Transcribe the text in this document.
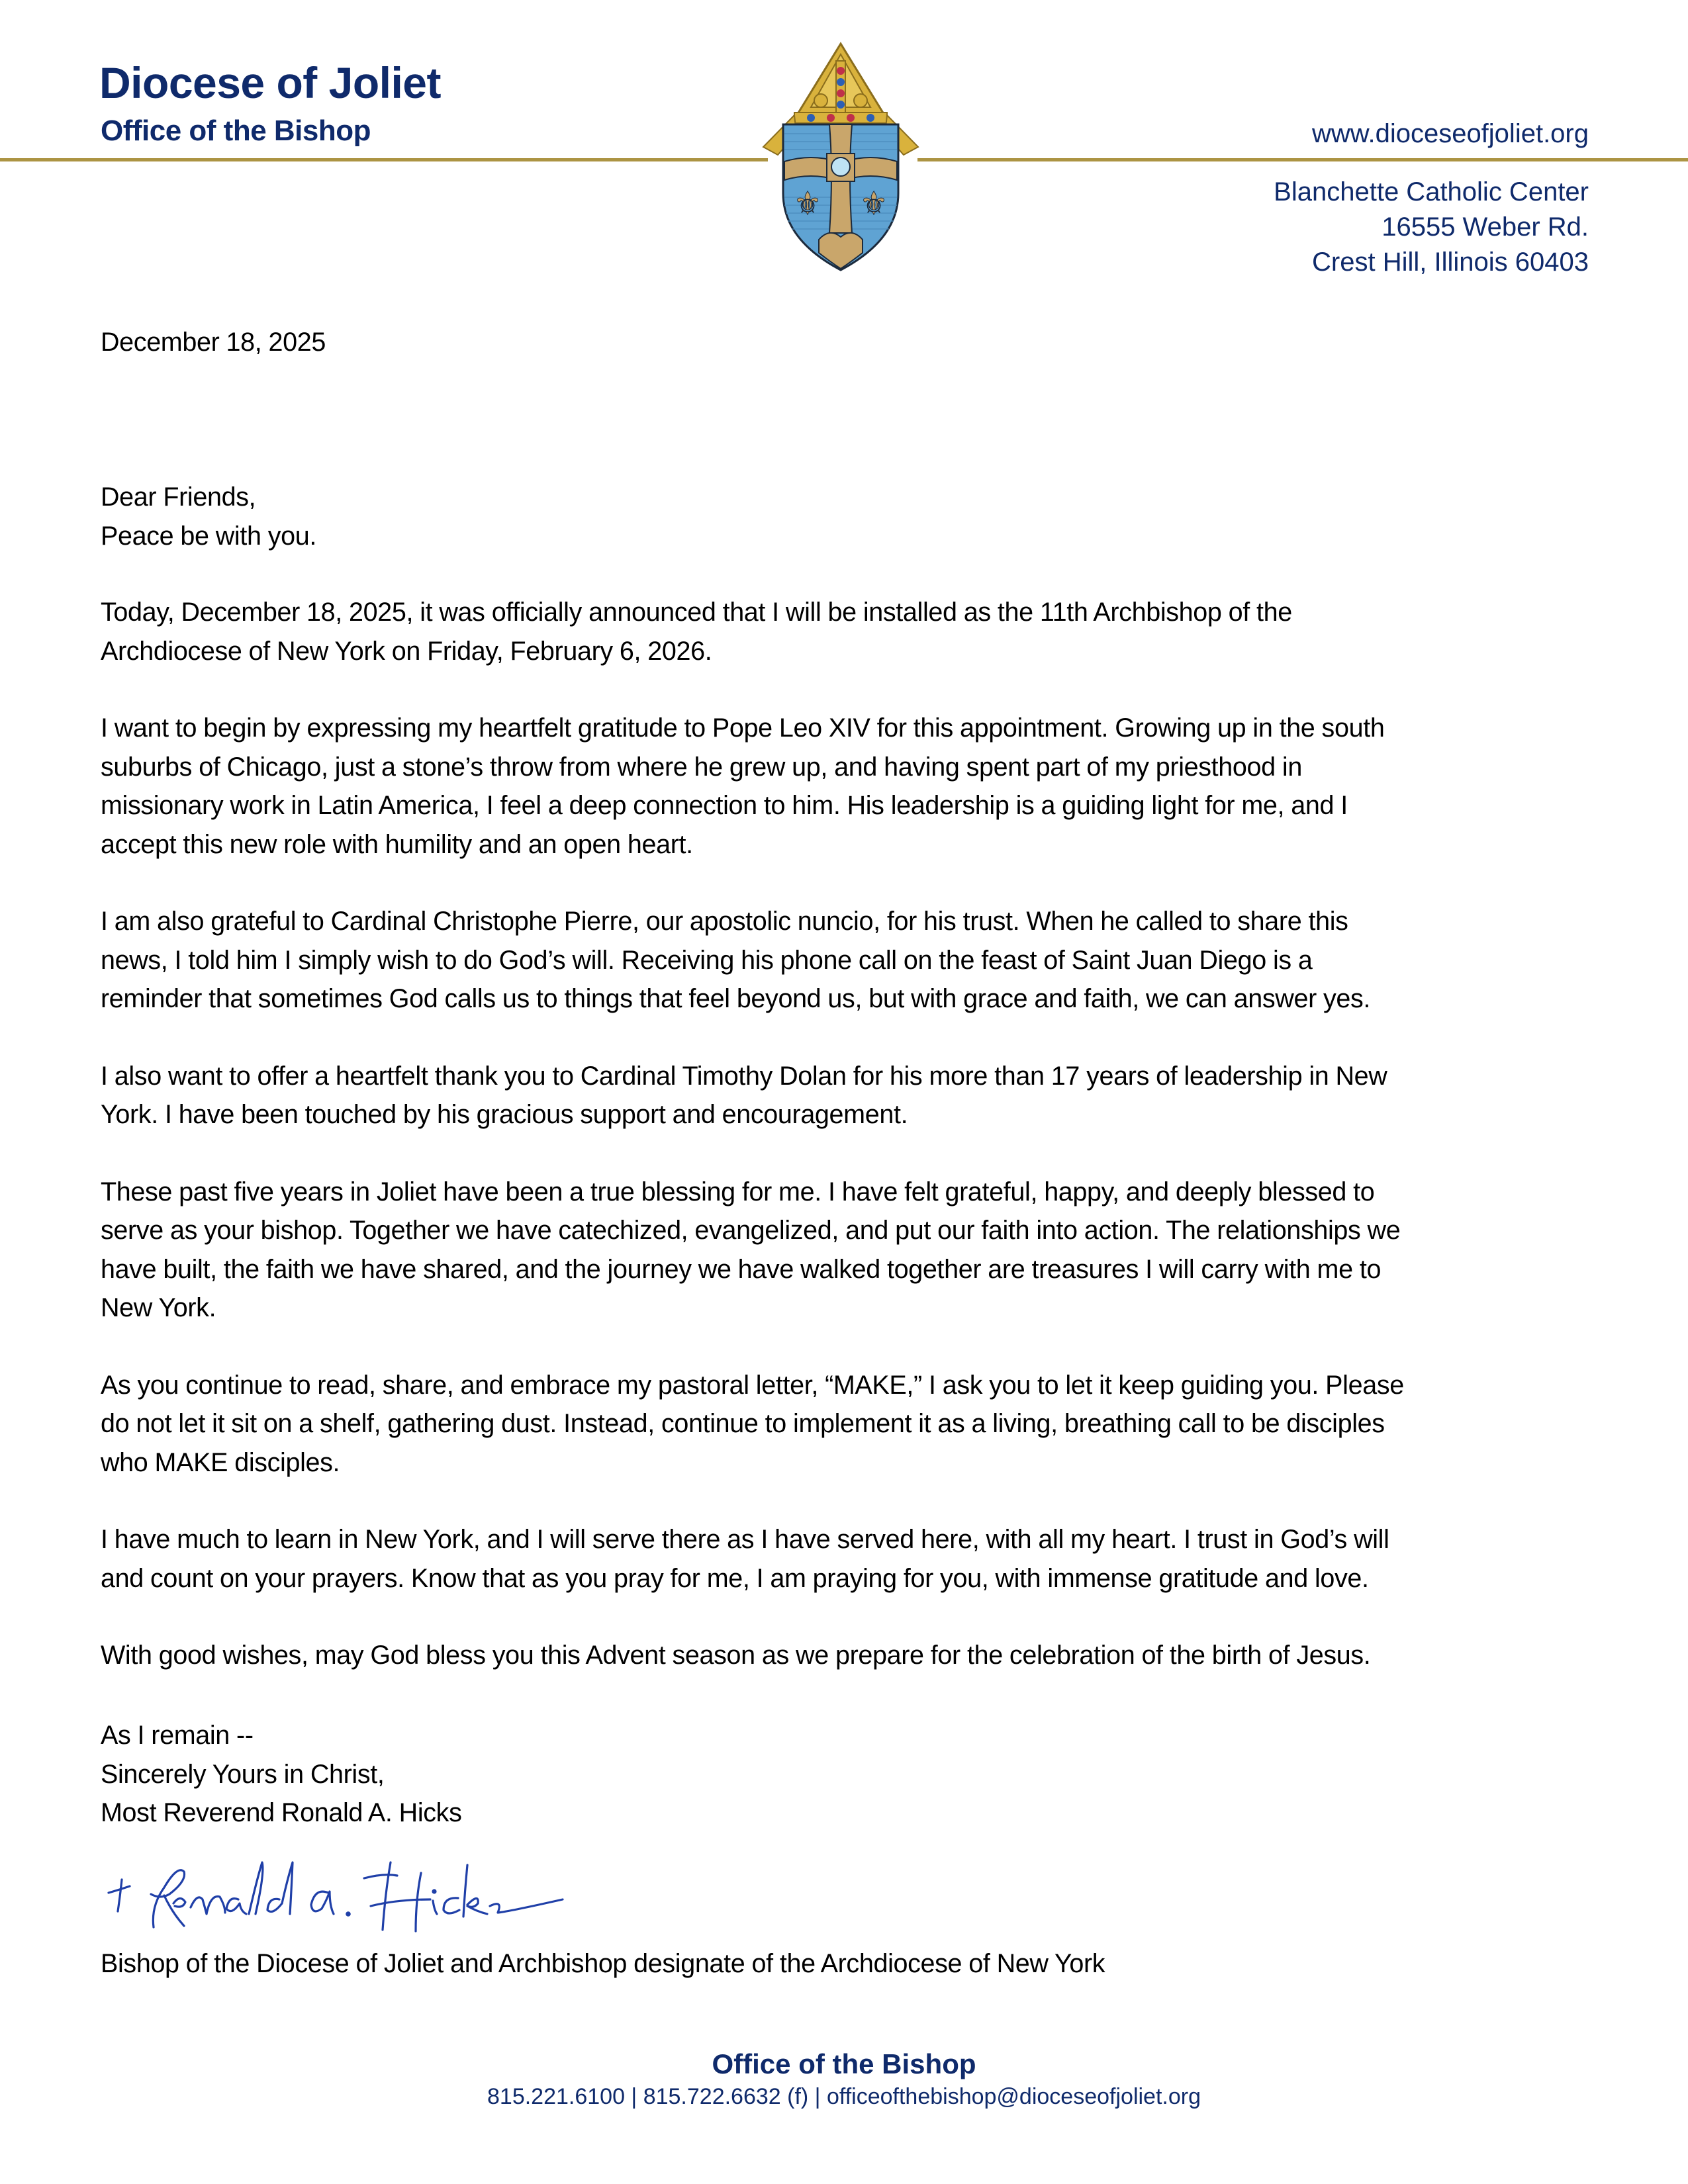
Diocese of Joliet
Office of the Bishop	www.dioceseofjoliet.org
Blanchette Catholic Center
16555 Weber Rd.
Crest Hill, Illinois 60403
⚜ ⚜
December 18, 2025
Dear Friends,
Peace be with you.
Today, December 18, 2025, it was officially announced that I will be installed as the 11th Archbishop of the
Archdiocese of New York on Friday, February 6, 2026.
I want to begin by expressing my heartfelt gratitude to Pope Leo XIV for this appointment. Growing up in the south
suburbs of Chicago, just a stone’s throw from where he grew up, and having spent part of my priesthood in
missionary work in Latin America, I feel a deep connection to him. His leadership is a guiding light for me, and I
accept this new role with humility and an open heart.
I am also grateful to Cardinal Christophe Pierre, our apostolic nuncio, for his trust. When he called to share this
news, I told him I simply wish to do God’s will. Receiving his phone call on the feast of Saint Juan Diego is a
reminder that sometimes God calls us to things that feel beyond us, but with grace and faith, we can answer yes.
I also want to offer a heartfelt thank you to Cardinal Timothy Dolan for his more than 17 years of leadership in New
York. I have been touched by his gracious support and encouragement.
These past five years in Joliet have been a true blessing for me. I have felt grateful, happy, and deeply blessed to
serve as your bishop. Together we have catechized, evangelized, and put our faith into action. The relationships we
have built, the faith we have shared, and the journey we have walked together are treasures I will carry with me to
New York.
As you continue to read, share, and embrace my pastoral letter, “MAKE,” I ask you to let it keep guiding you. Please
do not let it sit on a shelf, gathering dust. Instead, continue to implement it as a living, breathing call to be disciples
who MAKE disciples.
I have much to learn in New York, and I will serve there as I have served here, with all my heart. I trust in God’s will
and count on your prayers. Know that as you pray for me, I am praying for you, with immense gratitude and love.
With good wishes, may God bless you this Advent season as we prepare for the celebration of the birth of Jesus.
As I remain --
Sincerely Yours in Christ,
Most Reverend Ronald A. Hicks
Bishop of the Diocese of Joliet and Archbishop designate of the Archdiocese of New York
Office of the Bishop
815.221.6100 | 815.722.6632 (f) | officeofthebishop@dioceseofjoliet.org
